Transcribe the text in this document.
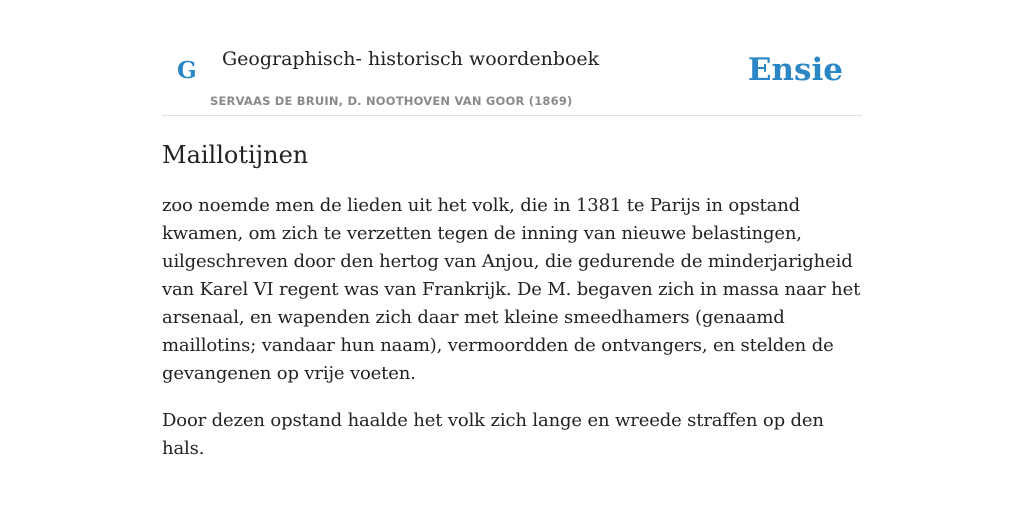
G Geographisch- historisch woordenboek
SERVAAS DE BRUIN, D. NOOTHOVEN VAN GOOR (1869)
Ensie
Maillotijnen

zoo noemde men de lieden uit het volk, die in 1381 te Parijs in opstand kwamen, om zich te verzetten tegen de inning van nieuwe belastingen, uilgeschreven door den hertog van Anjou, die gedurende de minderjarigheid van Karel VI regent was van Frankrijk. De M. begaven zich in massa naar het arsenaal, en wapenden zich daar met kleine smeedhamers (genaamd maillotins; vandaar hun naam), vermoordden de ontvangers, en stelden de gevangenen op vrije voeten.

Door dezen opstand haalde het volk zich lange en wreede straffen op den hals.
